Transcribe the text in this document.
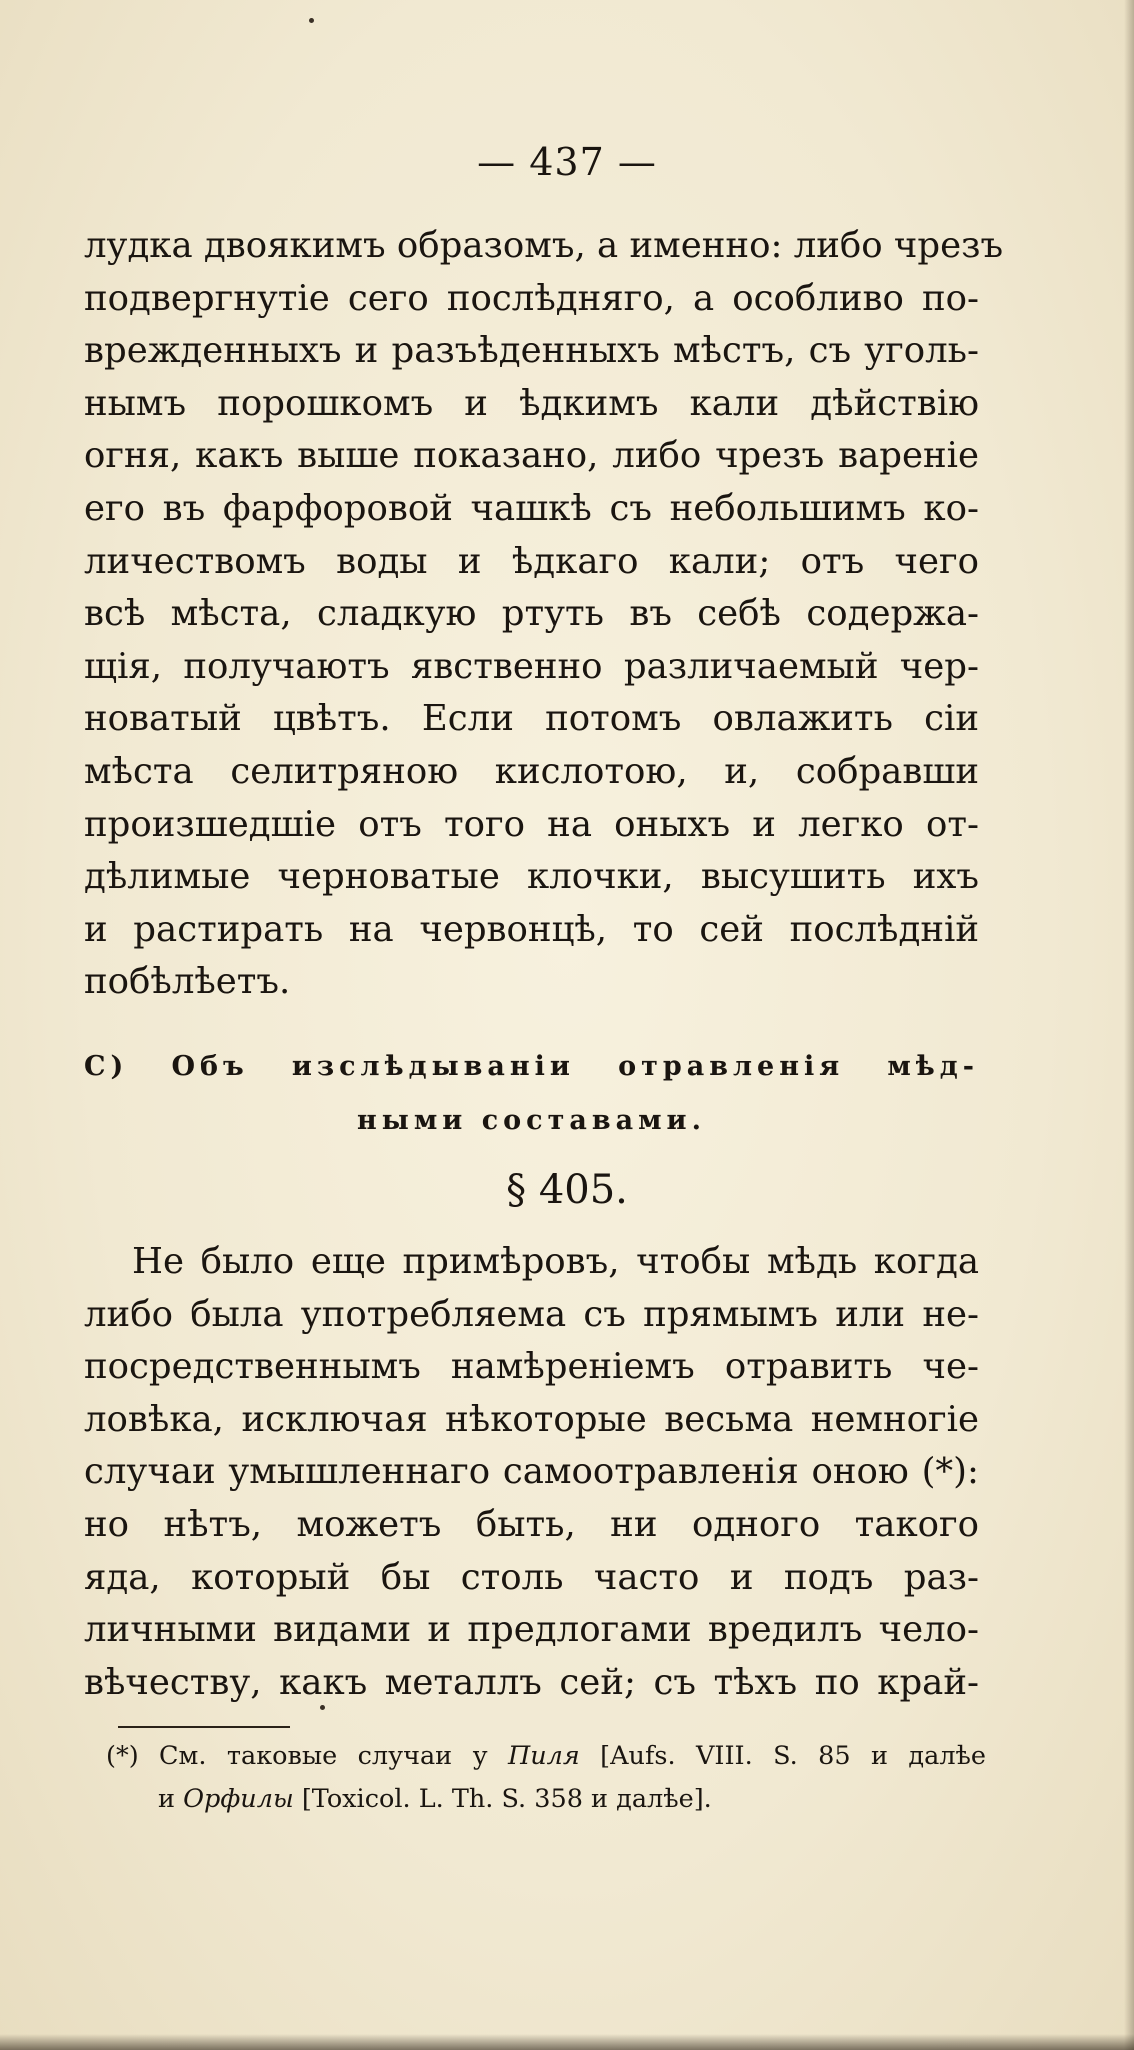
— 437 —
лудка двоякимъ образомъ, а именно: либо чрезъ
подвергнутіе сего послѣдняго, а особливо по-
врежденныхъ и разъѣденныхъ мѣстъ, съ уголь-
нымъ порошкомъ и ѣдкимъ кали дѣйствію
огня, какъ выше показано, либо чрезъ вареніе
его въ фарфоровой чашкѣ съ небольшимъ ко-
личествомъ воды и ѣдкаго кали; отъ чего
всѣ мѣста, сладкую ртуть въ себѣ содержа-
щія, получаютъ явственно различаемый чер-
новатый цвѣтъ. Если потомъ овлажить сіи
мѣста селитряною кислотою, и, собравши
произшедшіе отъ того на оныхъ и легко от-
дѣлимые черноватые клочки, высушить ихъ
и растирать на червонцѣ, то сей послѣдній
побѣлѣетъ.
C) Объ изслѣдываніи отравленія мѣд-
ными составами.
§ 405.
Не было еще примѣровъ, чтобы мѣдь когда
либо была употребляема съ прямымъ или не-
посредственнымъ намѣреніемъ отравить че-
ловѣка, исключая нѣкоторые весьма немногіе
случаи умышленнаго самоотравленія оною (*):
но нѣтъ, можетъ быть, ни одного такого
яда, который бы столь часто и подъ раз-
личными видами и предлогами вредилъ чело-
вѣчеству, какъ металлъ сей; съ тѣхъ по край-
(*) См. таковые случаи у Пиля [Aufs. VIII. S. 85 и далѣе
и Орфилы [Toxicol. L. Th. S. 358 и далѣе].
